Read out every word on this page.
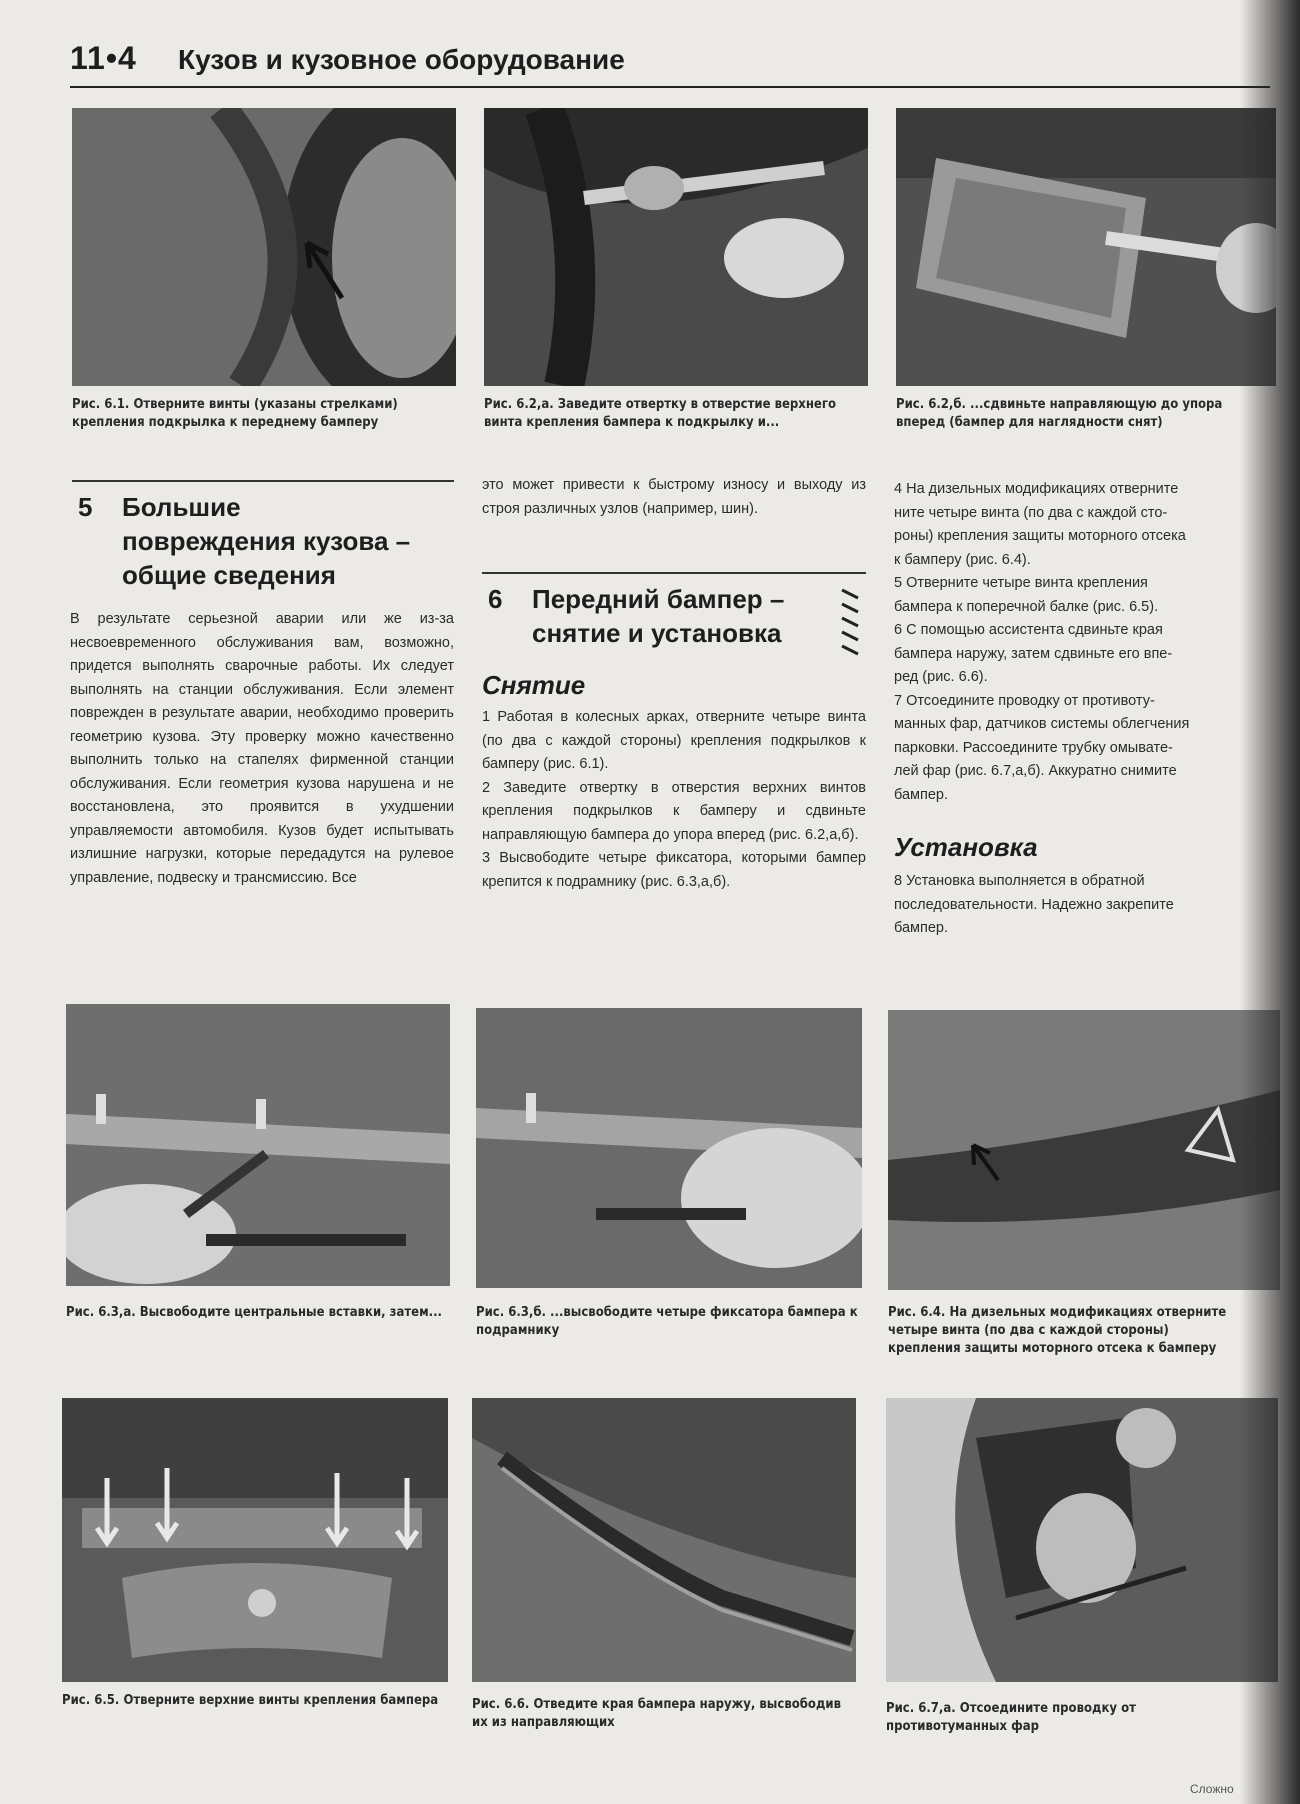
11•4 Кузов и кузовное оборудование
Рис. 6.1. Отверните винты (указаны стрелками) крепления подкрылка к переднему бамперу
Рис. 6.2,а. Заведите отвертку в отверстие верхнего винта крепления бампера к подкрылку и...
Рис. 6.2,б. ...сдвиньте направляющую до упора
вперед (бампер для наглядности снят)
5 Большие
повреждения кузова –
общие сведения

В результате серьезной аварии или же из-за несвоевременного обслуживания вам, возможно, придется выполнять сварочные работы. Их следует выполнять на станции обслуживания. Если элемент поврежден в результате аварии, необходимо проверить геометрию кузова. Эту проверку можно качественно выполнить только на стапелях фирменной станции обслуживания. Если геометрия кузова нарушена и не восстановлена, это проявится в ухудшении управляемости автомобиля. Кузов будет испытывать излишние нагрузки, которые передадутся на рулевое управление, подвеску и трансмиссию. Все

это может привести к быстрому износу и выходу из строя различных узлов (например, шин).

6 Передний бампер –
снятие и установка
Снятие

1 Работая в колесных арках, отверните четыре винта (по два с каждой стороны) крепления подкрылков к бамперу (рис. 6.1).

2 Заведите отвертку в отверстия верхних винтов крепления подкрылков к бамперу и сдвиньте направляющую бампера до упора вперед (рис. 6.2,а,б).

3 Высвободите четыре фиксатора, которыми бампер крепится к подрамнику (рис. 6.3,а,б).

4 На дизельных модификациях отверните
ните четыре винта (по два с каждой сто-
роны) крепления защиты моторного отсека
к бамперу (рис. 6.4).
5 Отверните четыре винта крепления
бампера к поперечной балке (рис. 6.5).
6 С помощью ассистента сдвиньте края
бампера наружу, затем сдвиньте его впе-
ред (рис. 6.6).
7 Отсоедините проводку от противоту-
манных фар, датчиков системы облегчения
парковки. Рассоедините трубку омывате-
лей фар (рис. 6.7,а,б). Аккуратно снимите
бампер.
Установка
8 Установка выполняется в обратной
последовательности. Надежно закрепите
бампер.
Рис. 6.3,а. Высвободите центральные вставки, затем...	Рис. 6.3,б. ...высвободите четыре фиксатора бампера к подрамнику
Рис. 6.4. На дизельных модификациях отверните
четыре винта (по два с каждой стороны)
крепления защиты моторного отсека к бамперу
Рис. 6.5. Отверните верхние винты крепления бампера	Рис. 6.6. Отведите края бампера наружу, высвободив их из направляющих
Рис. 6.7,а. Отсоедините проводку от противотуманных фар
Сложно
